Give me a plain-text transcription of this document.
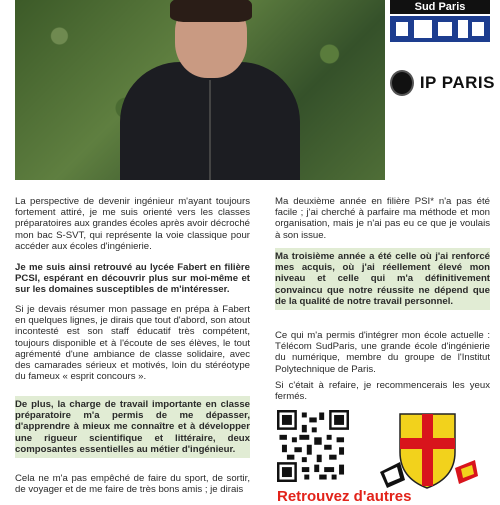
Sud Paris
IP PARIS

La perspective de devenir ingénieur m'ayant toujours fortement attiré, je me suis orienté vers les classes préparatoires aux grandes écoles après avoir décroché mon bac S-SVT, qui représente la voie classique pour accéder aux écoles d'ingénierie.

Je me suis ainsi retrouvé au lycée Fabert en filière PCSI, espérant en découvrir plus sur moi-même et sur les domaines susceptibles de m'intéresser.

Si je devais résumer mon passage en prépa à Fabert en quelques lignes, je dirais que tout d'abord, son atout incontesté est son staff éducatif très compétent, toujours disponible et à l'écoute de ses élèves, le tout agrémenté d'une ambiance de classe solidaire, avec des camarades sérieux et motivés, loin du stéréotype du fameux « esprit concours ».

De plus, la charge de travail importante en classe préparatoire m'a permis de me dépasser, d'apprendre à mieux me connaître et à développer une rigueur scientifique et littéraire, deux composantes essentielles au métier d'ingénieur.

Cela ne m'a pas empêché de faire du sport, de sortir, de voyager et de me faire de très bons amis ; je dirais

Ma deuxième année en filière PSI* n'a pas été facile ; j'ai cherché à parfaire ma méthode et mon organisation, mais je n'ai pas eu ce que je voulais à son issue.

Ma troisième année a été celle où j'ai renforcé mes acquis, où j'ai réellement élevé mon niveau et celle qui m'a définitivement convaincu que notre réussite ne dépend que de la qualité de notre travail personnel.

Ce qui m'a permis d'intégrer mon école actuelle : Télécom SudParis, une grande école d'ingénierie du numérique, membre du groupe de l'Institut Polytechnique de Paris.

Si c'était à refaire, je recommencerais les yeux fermés.

Retrouvez d'autres
